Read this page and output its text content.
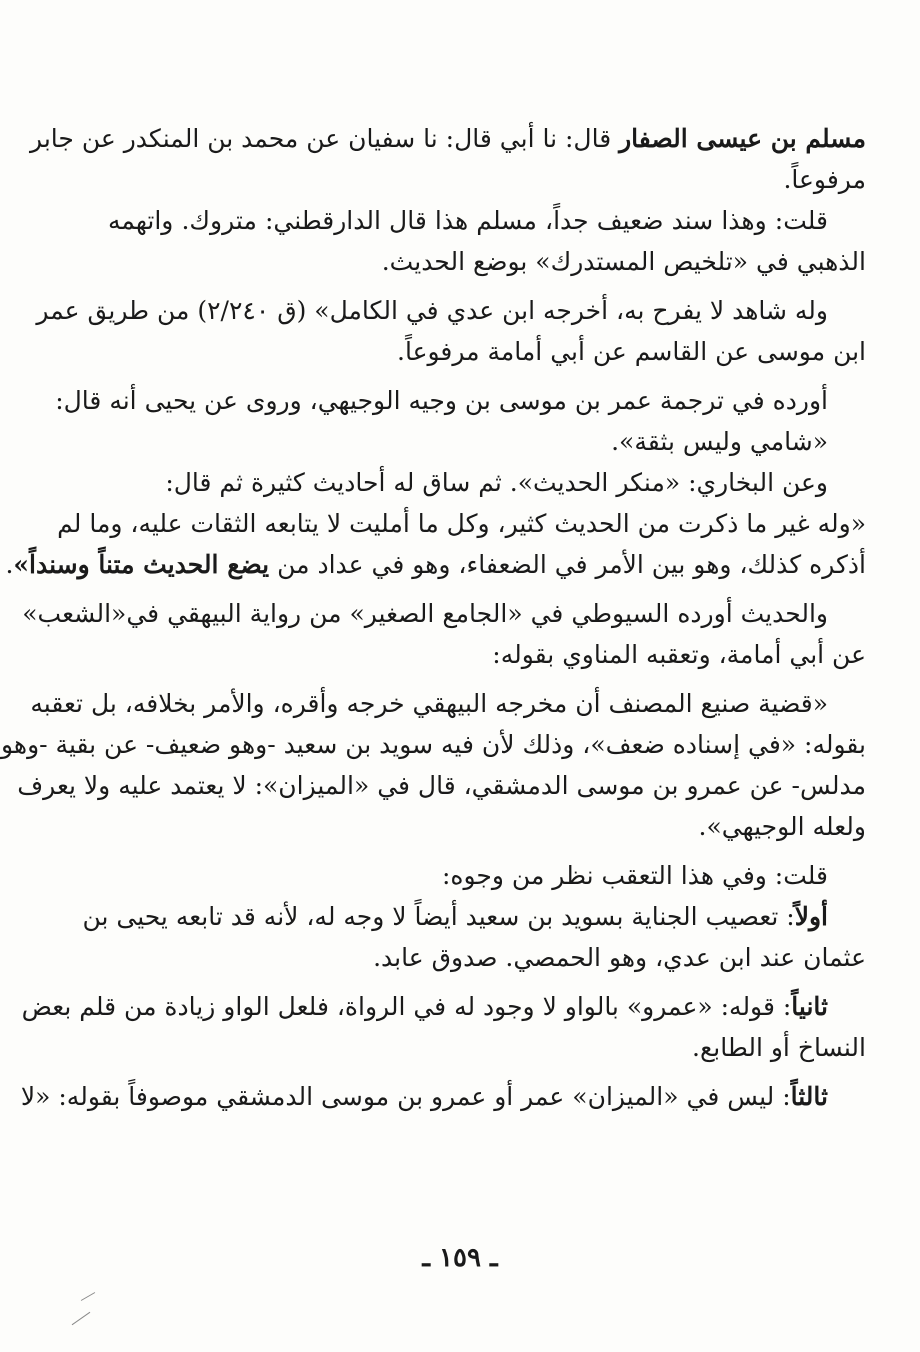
مسلم بن عيسى الصفار قال: نا أبي قال: نا سفيان عن محمد بن المنكدر عن جابر
مرفوعاً.
قلت: وهذا سند ضعيف جداً، مسلم هذا قال الدارقطني: متروك. واتهمه
الذهبي في «تلخيص المستدرك» بوضع الحديث.
وله شاهد لا يفرح به، أخرجه ابن عدي في الكامل» (ق ٢/٢٤٠) من طريق عمر
ابن موسى عن القاسم عن أبي أمامة مرفوعاً.
أورده في ترجمة عمر بن موسى بن وجيه الوجيهي، وروى عن يحيى أنه قال:
«شامي وليس بثقة».
وعن البخاري: «منكر الحديث». ثم ساق له أحاديث كثيرة ثم قال:
«وله غير ما ذكرت من الحديث كثير، وكل ما أمليت لا يتابعه الثقات عليه، وما لم
أذكره كذلك، وهو بين الأمر في الضعفاء، وهو في عداد من يضع الحديث متناً وسنداً».
والحديث أورده السيوطي في «الجامع الصغير» من رواية البيهقي في«الشعب»
عن أبي أمامة، وتعقبه المناوي بقوله:
«قضية صنيع المصنف أن مخرجه البيهقي خرجه وأقره، والأمر بخلافه، بل تعقبه
بقوله: «في إسناده ضعف»، وذلك لأن فيه سويد بن سعيد -وهو ضعيف- عن بقية -وهو
مدلس- عن عمرو بن موسى الدمشقي، قال في «الميزان»: لا يعتمد عليه ولا يعرف
ولعله الوجيهي».
قلت: وفي هذا التعقب نظر من وجوه:
أولاً: تعصيب الجناية بسويد بن سعيد أيضاً لا وجه له، لأنه قد تابعه يحيى بن
عثمان عند ابن عدي، وهو الحمصي. صدوق عابد.
ثانياً: قوله: «عمرو» بالواو لا وجود له في الرواة، فلعل الواو زيادة من قلم بعض
النساخ أو الطابع.
ثالثاً: ليس في «الميزان» عمر أو عمرو بن موسى الدمشقي موصوفاً بقوله: «لا
ـ ١٥٩ ـ
